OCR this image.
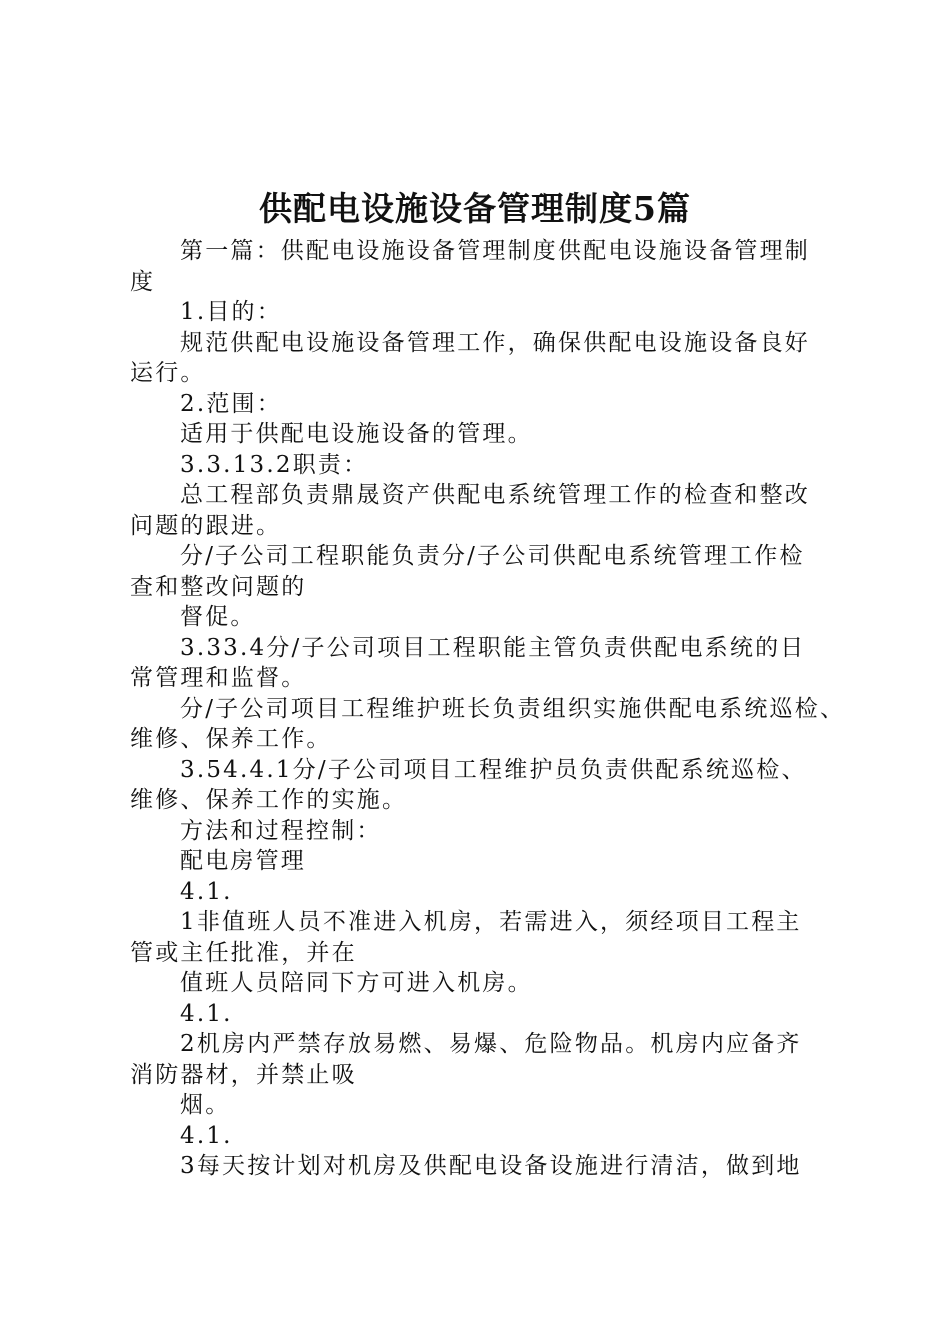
供配电设施设备管理制度5篇

第一篇：供配电设施设备管理制度供配电设施设备管理制

度

1.目的：

规范供配电设施设备管理工作，确保供配电设施设备良好

运行。

2.范围：

适用于供配电设施设备的管理。

3.3.13.2职责：

总工程部负责鼎晟资产供配电系统管理工作的检查和整改

问题的跟进。

分/子公司工程职能负责分/子公司供配电系统管理工作检

查和整改问题的

督促。

3.33.4分/子公司项目工程职能主管负责供配电系统的日

常管理和监督。

分/子公司项目工程维护班长负责组织实施供配电系统巡检、

维修、保养工作。

3.54.4.1分/子公司项目工程维护员负责供配系统巡检、

维修、保养工作的实施。

方法和过程控制：

配电房管理

4.1.

1非值班人员不准进入机房，若需进入，须经项目工程主

管或主任批准，并在

值班人员陪同下方可进入机房。

4.1.

2机房内严禁存放易燃、易爆、危险物品。机房内应备齐

消防器材，并禁止吸

烟。

4.1.

3每天按计划对机房及供配电设备设施进行清洁，做到地
